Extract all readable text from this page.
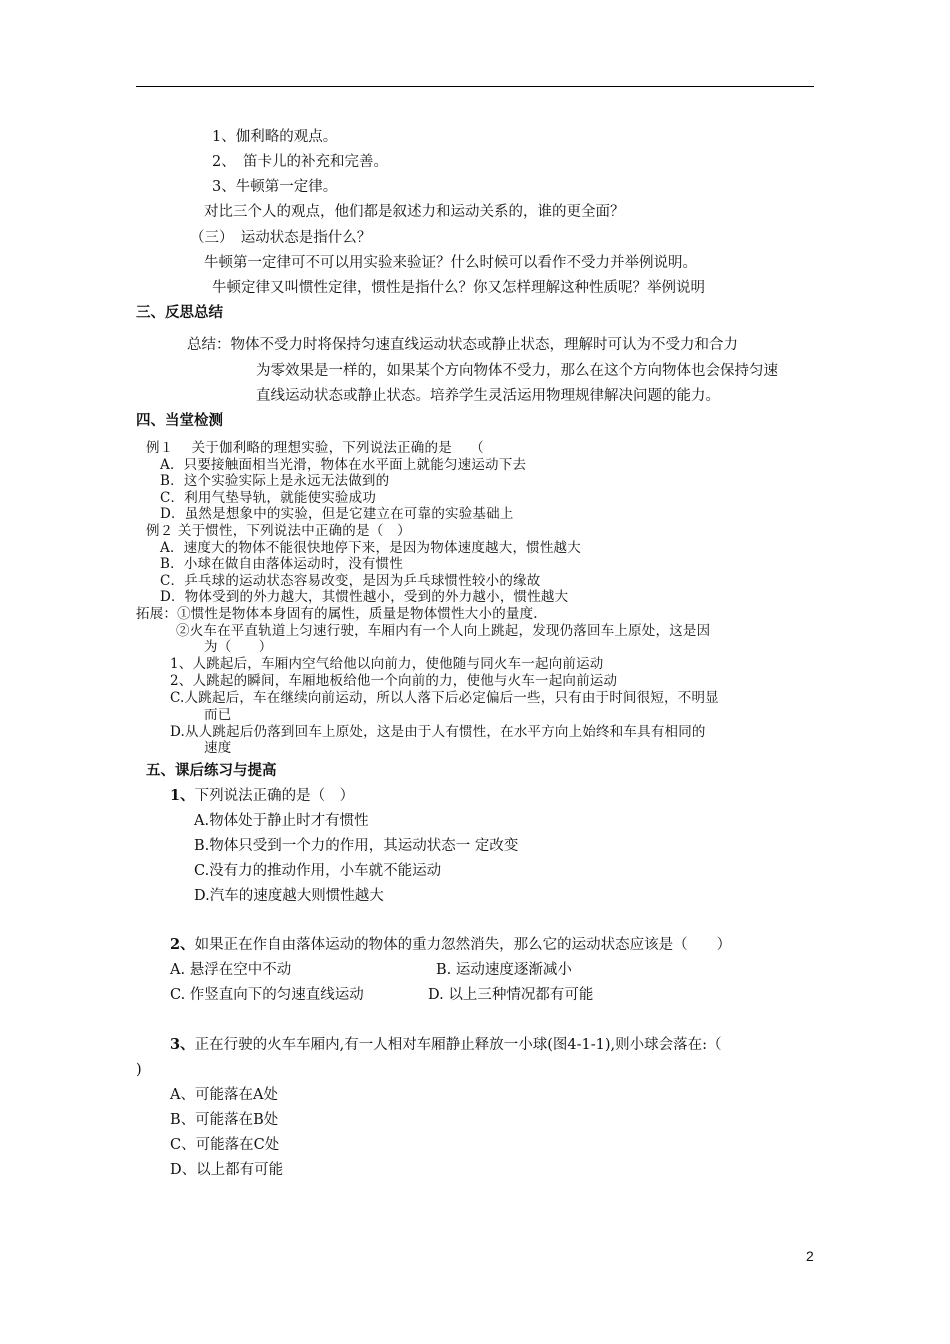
1、伽利略的观点。
2、　笛卡儿的补充和完善。
3、牛顿第一定律。
对比三个人的观点，他们都是叙述力和运动关系的，谁的更全面？
（三）　运动状态是指什么？
牛顿第一定律可不可以用实验来验证？什么时候可以看作不受力并举例说明。
牛顿定律又叫惯性定律，惯性是指什么？你又怎样理解这种性质呢？举例说明
三、反思总结
总结：物体不受力时将保持匀速直线运动状态或静止状态，理解时可认为不受力和合力
为零效果是一样的，如果某个方向物体不受力，那么在这个方向物体也会保持匀速
直线运动状态或静止状态。培养学生灵活运用物理规律解决问题的能力。
四、当堂检测
例１　 关于伽利略的理想实验，下列说法正确的是　 （
A．只要接触面相当光滑，物体在水平面上就能匀速运动下去
B．这个实验实际上是永远无法做到的
C．利用气垫导轨，就能使实验成功
D．虽然是想象中的实验，但是它建立在可靠的实验基础上
例２ 关于惯性，下列说法中正确的是（　）
A．速度大的物体不能很快地停下来，是因为物体速度越大，惯性越大
B．小球在做自由落体运动时，没有惯性
C．乒乓球的运动状态容易改变，是因为乒乓球惯性较小的缘故
D．物体受到的外力越大，其惯性越小，受到的外力越小，惯性越大
拓展：①惯性是物体本身固有的属性，质量是物体惯性大小的量度.
②火车在平直轨道上匀速行驶，车厢内有一个人向上跳起，发现仍落回车上原处，这是因
为（　　）
1、人跳起后，车厢内空气给他以向前力，使他随与同火车一起向前运动
2、人跳起的瞬间，车厢地板给他一个向前的力，使他与火车一起向前运动
C.人跳起后，车在继续向前运动，所以人落下后必定偏后一些，只有由于时间很短，不明显
而已
D.从人跳起后仍落到回车上原处，这是由于人有惯性，在水平方向上始终和车具有相同的
速度
五、课后练习与提高
1、下列说法正确的是（　）
A.物体处于静止时才有惯性
B.物体只受到一个力的作用，其运动状态一 定改变
C.没有力的推动作用，小车就不能运动
D.汽车的速度越大则惯性越大
2、如果正在作自由落体运动的物体的重力忽然消失，那么它的运动状态应该是（　　）
A. 悬浮在空中不动	B. 运动速度逐渐减小
C. 作竖直向下的匀速直线运动	D. 以上三种情况都有可能
3、正在行驶的火车车厢内,有一人相对车厢静止释放一小球(图4-1-1),则小球会落在:（
)
A、可能落在A处
B、可能落在B处
C、可能落在C处
D、以上都有可能
2
